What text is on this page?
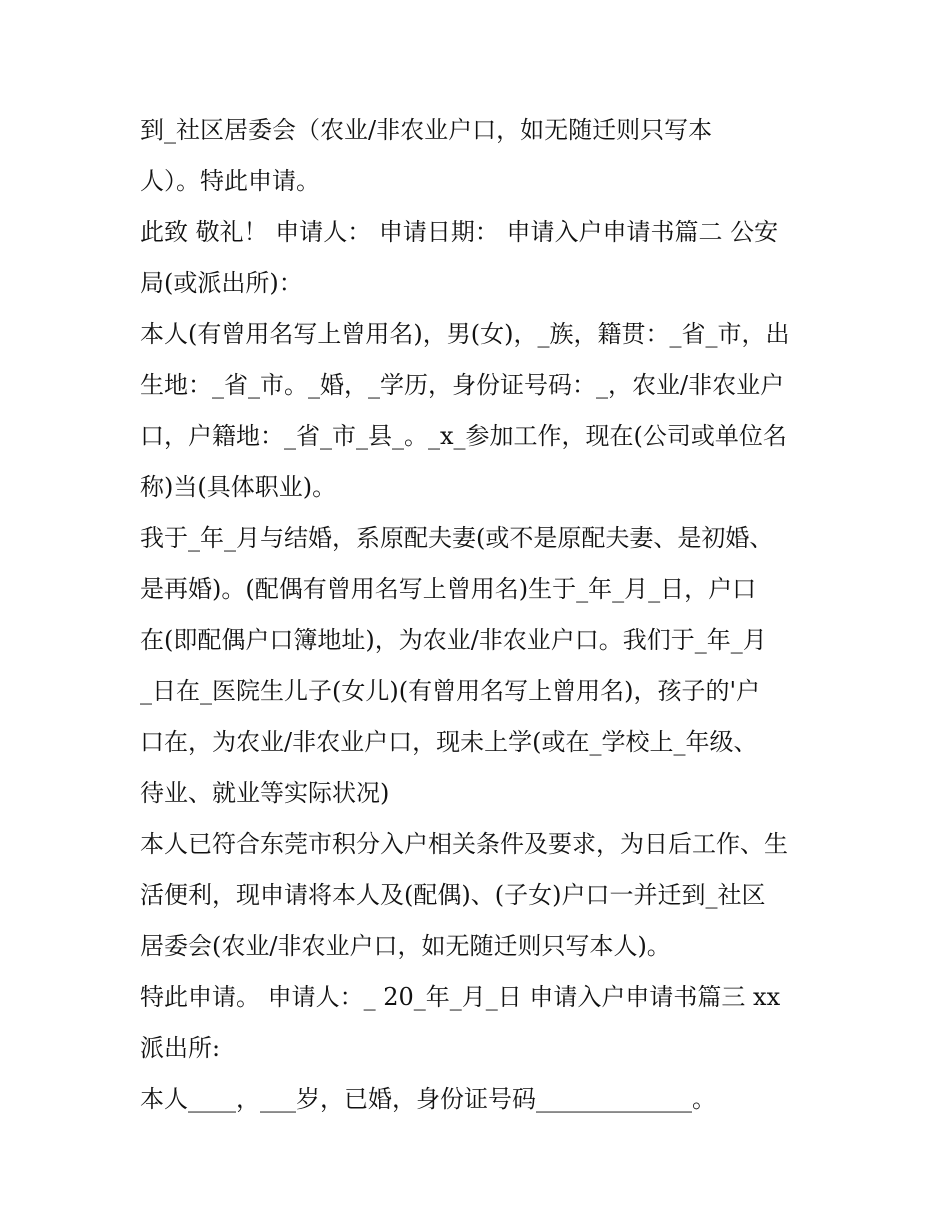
到_社区居委会（农业/非农业户口，如无随迁则只写本
人）。特此申请。
此致 敬礼！ 申请人： 申请日期： 申请入户申请书篇二 公安
局(或派出所)：
本人(有曾用名写上曾用名)，男(女)，_族，籍贯：_省_市，出
生地：_省_市。_婚，_学历，身份证号码：_，农业/非农业户
口，户籍地：_省_市_县_。_x_参加工作，现在(公司或单位名
称)当(具体职业)。
我于_年_月与结婚，系原配夫妻(或不是原配夫妻、是初婚、
是再婚)。(配偶有曾用名写上曾用名)生于_年_月_日，户口
在(即配偶户口簿地址)，为农业/非农业户口。我们于_年_月
_日在_医院生儿子(女儿)(有曾用名写上曾用名)，孩子的'户
口在，为农业/非农业户口，现未上学(或在_学校上_年级、
待业、就业等实际状况)
本人已符合东莞市积分入户相关条件及要求，为日后工作、生
活便利，现申请将本人及(配偶)、(子女)户口一并迁到_社区
居委会(农业/非农业户口，如无随迁则只写本人)。
特此申请。 申请人：_ 20_年_月_日 申请入户申请书篇三 xx
派出所:
本人____，___岁，已婚，身份证号码_____________。
